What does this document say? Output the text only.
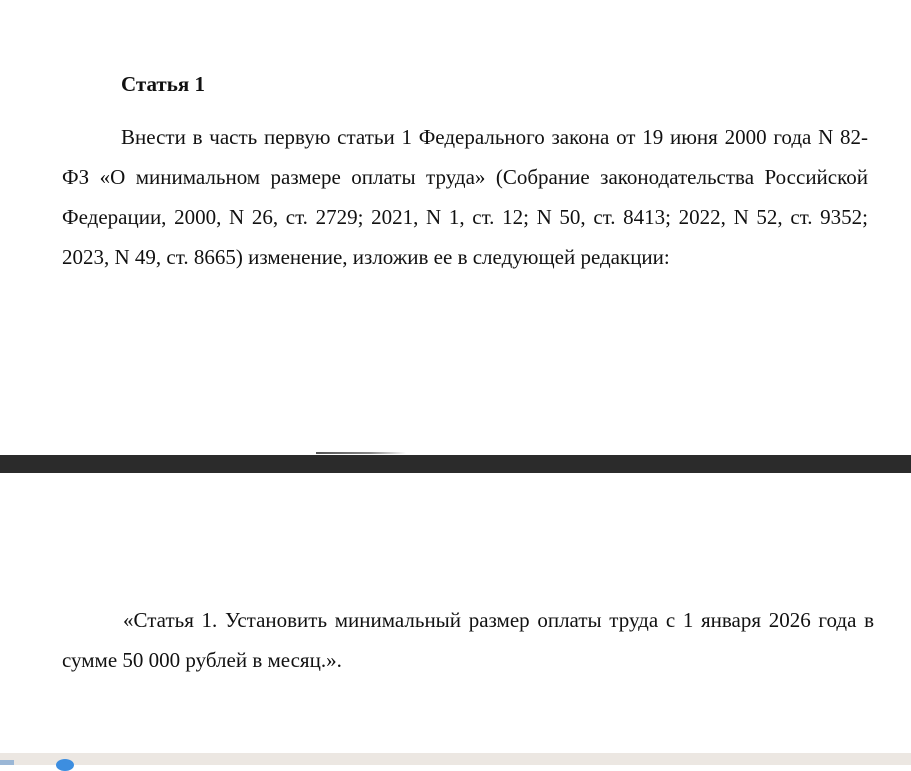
Статья 1
Внести в часть первую статьи 1 Федерального закона от 19 июня 2000 года N 82-ФЗ «О минимальном размере оплаты труда» (Собрание законодательства Российской Федерации, 2000, N 26, ст. 2729; 2021, N 1, ст. 12; N 50, ст. 8413; 2022, N 52, ст. 9352; 2023, N 49, ст. 8665) изменение, изложив ее в следующей редакции:
«Статья 1. Установить минимальный размер оплаты труда с 1 января 2026 года в сумме 50 000 рублей в месяц.».
